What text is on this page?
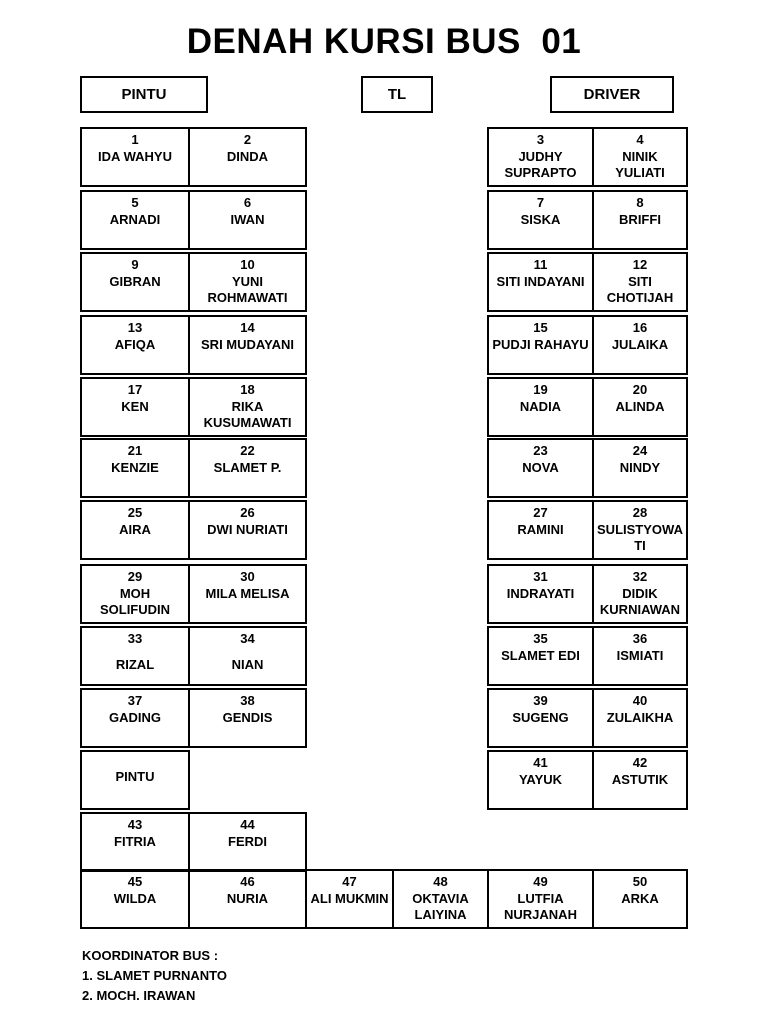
DENAH KURSI BUS  01
PINTU	TL	DRIVER
1
IDA WAHYU
2
DINDA
3
JUDHY SUPRAPTO
4
NINIK YULIATI
5
ARNADI
6
IWAN
7
SISKA
8
BRIFFI
9
GIBRAN
10
YUNI ROHMAWATI
11
SITI INDAYANI
12
SITI CHOTIJAH
13
AFIQA
14
SRI MUDAYANI
15
PUDJI RAHAYU
16
JULAIKA
17
KEN
18
RIKA KUSUMAWATI
19
NADIA
20
ALINDA
21
KENZIE
22
SLAMET P.
23
NOVA
24
NINDY
25
AIRA
26
DWI NURIATI
27
RAMINI
28
SULISTYOWATI
29
MOH SOLIFUDIN
30
MILA MELISA
31
INDRAYATI
32
DIDIK KURNIAWAN
33
RIZAL
34
NIAN
35
SLAMET EDI
36
ISMIATI
37
GADING
38
GENDIS
39
SUGENG
40
ZULAIKHA
PINTU
41
YAYUK
42
ASTUTIK
43
FITRIA
44
FERDI
45
WILDA
46
NURIA
47
ALI MUKMIN
48
OKTAVIA LAIYINA
49
LUTFIA NURJANAH
50
ARKA
KOORDINATOR BUS :
1. SLAMET PURNANTO
2. MOCH. IRAWAN
